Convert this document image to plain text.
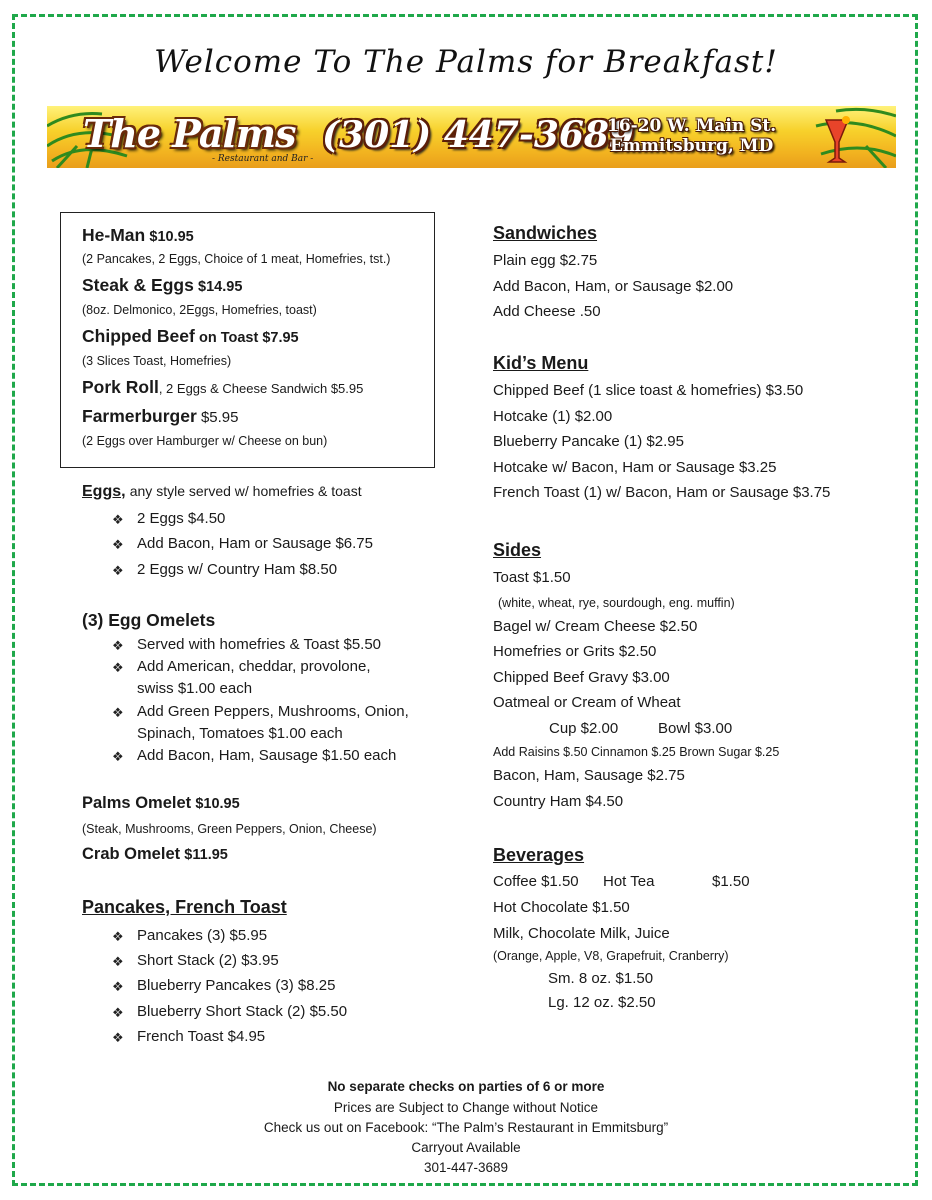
Welcome To The Palms for Breakfast!
The Palms
- Restaurant and Bar -
(301) 447-3689
16-20 W. Main St.
Emmitsburg, MD
He-Man $10.95
(2 Pancakes, 2 Eggs, Choice of 1 meat, Homefries, tst.)
Steak & Eggs $14.95
(8oz. Delmonico, 2Eggs, Homefries, toast)
Chipped Beef on Toast $7.95
(3 Slices Toast, Homefries)
Pork Roll, 2 Eggs & Cheese Sandwich $5.95
Farmerburger $5.95
(2 Eggs over Hamburger w/ Cheese on bun)
Eggs, any style served w/ homefries & toast
❖ 2 Eggs $4.50
❖ Add Bacon, Ham or Sausage $6.75
❖ 2 Eggs w/ Country Ham $8.50
(3) Egg Omelets
❖ Served with homefries & Toast $5.50
❖ Add American, cheddar, provolone,
swiss $1.00 each
❖ Add Green Peppers, Mushrooms, Onion,
Spinach, Tomatoes $1.00 each
❖ Add Bacon, Ham, Sausage $1.50 each
Palms Omelet $10.95
(Steak, Mushrooms, Green Peppers, Onion, Cheese)
Crab Omelet $11.95
Pancakes, French Toast
❖ Pancakes (3) $5.95
❖ Short Stack (2) $3.95
❖ Blueberry Pancakes (3) $8.25
❖ Blueberry Short Stack (2) $5.50
❖ French Toast $4.95
Sandwiches
Plain egg $2.75
Add Bacon, Ham, or Sausage $2.00
Add Cheese .50
Kid’s Menu
Chipped Beef (1 slice toast & homefries) $3.50
Hotcake (1) $2.00
Blueberry Pancake (1) $2.95
Hotcake w/ Bacon, Ham or Sausage $3.25
French Toast (1) w/ Bacon, Ham or Sausage $3.75
Sides
Toast $1.50
(white, wheat, rye, sourdough, eng. muffin)
Bagel w/ Cream Cheese $2.50
Homefries or Grits $2.50
Chipped Beef Gravy $3.00
Oatmeal or Cream of Wheat
Cup $2.00	Bowl $3.00
Add Raisins $.50 Cinnamon $.25 Brown Sugar $.25
Bacon, Ham, Sausage $2.75
Country Ham $4.50
Beverages
Coffee $1.50 Hot Tea	$1.50
Hot Chocolate $1.50
Milk, Chocolate Milk, Juice
(Orange, Apple, V8, Grapefruit, Cranberry)
Sm. 8 oz. $1.50
Lg. 12 oz. $2.50
No separate checks on parties of 6 or more
Prices are Subject to Change without Notice
Check us out on Facebook: “The Palm’s Restaurant in Emmitsburg”
Carryout Available
301-447-3689
